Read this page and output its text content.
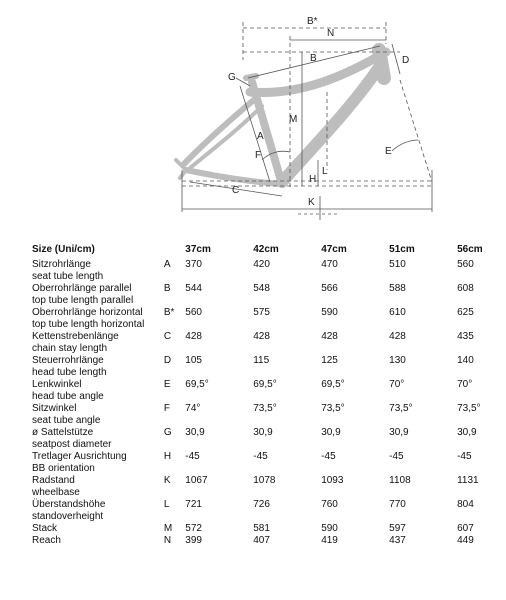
B*
N
B	D
G
M
A
E
F
H
L
C
K
Size (Uni/cm)		37cm	42cm	47cm	51cm	56cm

Sitzrohrlänge
seat tube length	A	370	420	470	510	560

Oberrohrlänge parallel
top tube length parallel	B	544	548	566	588	608

Oberrohrlänge horizontal
top tube length horizontal	B*	560	575	590	610	625

Kettenstrebenlänge
chain stay length	C	428	428	428	428	435

Steuerrohrlänge
head tube length	D	105	115	125	130	140

Lenkwinkel
head tube angle	E	69,5°	69,5°	69,5°	70°	70°

Sitzwinkel
seat tube angle	F	74°	73,5°	73,5°	73,5°	73,5°

ø Sattelstütze
seatpost diameter	G	30,9	30,9	30,9	30,9	30,9

Tretlager Ausrichtung
BB orientation	H	-45	-45	-45	-45	-45

Radstand
wheelbase	K	1067	1078	1093	1108	1131

Überstandshöhe
standoverheight	L	721	726	760	770	804

Stack	M	572	581	590	597	607

Reach	N	399	407	419	437	449
